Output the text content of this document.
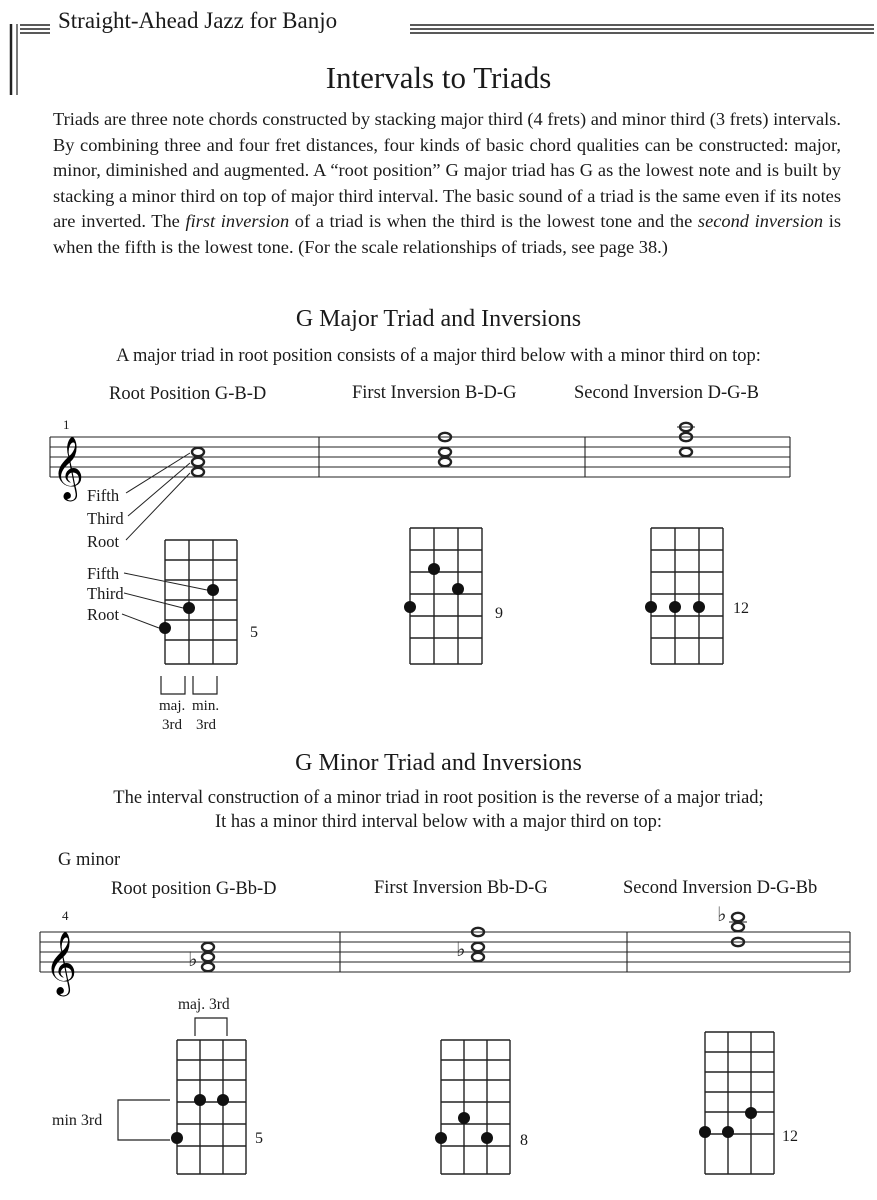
Straight-Ahead Jazz for Banjo
Intervals to Triads
Triads are three note chords constructed by stacking major third (4 frets) and minor third (3 frets) intervals. By combining three and four fret distances, four kinds of basic chord qualities can be constructed: major, minor, diminished and augmented. A “root position” G major triad has G as the lowest note and is built by stacking a minor third on top of major third interval. The basic sound of a triad is the same even if its notes are inverted. The first inversion of a triad is when the third is the lowest tone and the second inversion is when the fifth is the lowest tone. (For the scale relationships of triads, see page 38.)
G Major Triad and Inversions
A major triad in root position consists of a major third below with a minor third on top:
Root Position G-B-D	First Inversion B-D-G	Second Inversion D-G-B
1
𝄞 Fifth
Third
Root
Fifth
Third
Root
5
9	12
maj.
3rd
min.
3rd
G Minor Triad and Inversions
The interval construction of a minor triad in root position is the reverse of a major triad;
It has a minor third interval below with a major third on top:
G minor
Root position G-Bb-D	First Inversion Bb-D-G	Second Inversion D-G-Bb
4
𝄞	♭	♭
♭
maj. 3rd
min 3rd
5	8	12
